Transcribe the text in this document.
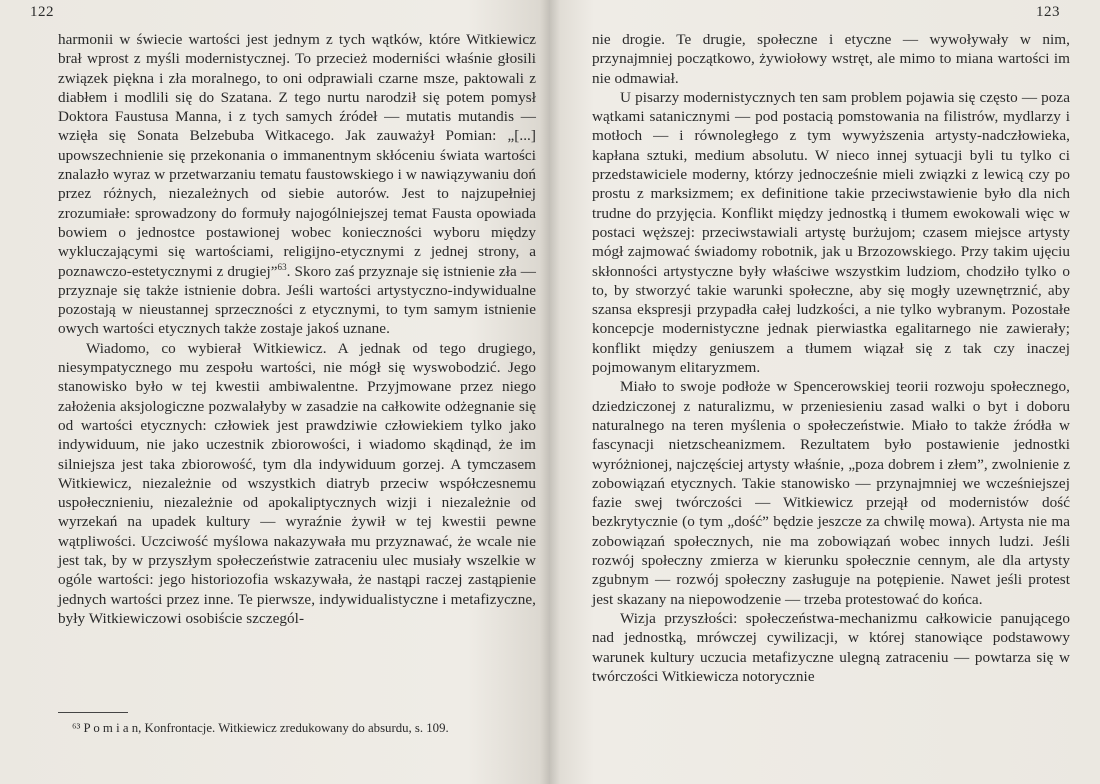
122

harmonii w świecie wartości jest jednym z tych wątków, które Witkiewicz brał wprost z myśli modernistycznej. To przecież moderniści właśnie głosili związek piękna i zła moralnego, to oni odprawiali czarne msze, paktowali z diabłem i modlili się do Szatana. Z tego nurtu narodził się potem pomysł Doktora Faustusa Manna, i z tych samych źródeł — mutatis mutandis — wzięła się Sonata Belzebuba Witkacego. Jak zauważył Pomian: „[...] upowszechnienie się przekonania o immanentnym skłóceniu świata wartości znalazło wyraz w przetwarzaniu tematu faustowskiego i w nawiązywaniu doń przez różnych, niezależnych od siebie autorów. Jest to najzupełniej zrozumiałe: sprowadzony do formuły najogólniejszej temat Fausta opowiada bowiem o jednostce postawionej wobec konieczności wyboru między wykluczającymi się wartościami, religijno-etycznymi z jednej strony, a poznawczo-estetycznymi z drugiej”$^{63}$. Skoro zaś przyznaje się istnienie zła — przyznaje się także istnienie dobra. Jeśli wartości artystyczno-indywidualne pozostają w nieustannej sprzeczności z etycznymi, to tym samym istnienie owych wartości etycznych także zostaje jakoś uznane.

Wiadomo, co wybierał Witkiewicz. A jednak od tego drugiego, niesympatycznego mu zespołu wartości, nie mógł się wyswobodzić. Jego stanowisko było w tej kwestii ambiwalentne. Przyjmowane przez niego założenia aksjologiczne pozwalałyby w zasadzie na całkowite odżegnanie się od wartości etycznych: człowiek jest prawdziwie człowiekiem tylko jako indywiduum, nie jako uczestnik zbiorowości, i wiadomo skądinąd, że im silniejsza jest taka zbiorowość, tym dla indywiduum gorzej. A tymczasem Witkiewicz, niezależnie od wszystkich diatryb przeciw współczesnemu uspołecznieniu, niezależnie od apokaliptycznych wizji i niezależnie od wyrzekań na upadek kultury — wyraźnie żywił w tej kwestii pewne wątpliwości. Uczciwość myślowa nakazywała mu przyznawać, że wcale nie jest tak, by w przyszłym społeczeństwie zatraceniu ulec musiały wszelkie w ogóle wartości: jego historiozofia wskazywała, że nastąpi raczej zastąpienie jednych wartości przez inne. Te pierwsze, indywidualistyczne i metafizyczne, były Witkiewiczowi osobiście szczegól-

⁶³ P o m i a n, Konfrontacje. Witkiewicz zredukowany do absurdu, s. 109.
123

nie drogie. Te drugie, społeczne i etyczne — wywoływały w nim, przynajmniej początkowo, żywiołowy wstręt, ale mimo to miana wartości im nie odmawiał.

U pisarzy modernistycznych ten sam problem pojawia się często — poza wątkami satanicznymi — pod postacią pomstowania na filistrów, mydlarzy i motłoch — i równoległego z tym wywyższenia artysty-nadczłowieka, kapłana sztuki, medium absolutu. W nieco innej sytuacji byli tu tylko ci przedstawiciele moderny, którzy jednocześnie mieli związki z lewicą czy po prostu z marksizmem; ex definitione takie przeciwstawienie było dla nich trudne do przyjęcia. Konflikt między jednostką i tłumem ewokowali więc w postaci węższej: przeciwstawiali artystę burżujom; czasem miejsce artysty mógł zajmować świadomy robotnik, jak u Brzozowskiego. Przy takim ujęciu skłonności artystyczne były właściwe wszystkim ludziom, chodziło tylko o to, by stworzyć takie warunki społeczne, aby się mogły uzewnętrznić, aby szansa ekspresji przypadła całej ludzkości, a nie tylko wybranym. Pozostałe koncepcje modernistyczne jednak pierwiastka egalitarnego nie zawierały; konflikt między geniuszem a tłumem wiązał się z tak czy inaczej pojmowanym elitaryzmem.

Miało to swoje podłoże w Spencerowskiej teorii rozwoju społecznego, dziedziczonej z naturalizmu, w przeniesieniu zasad walki o byt i doboru naturalnego na teren myślenia o społeczeństwie. Miało to także źródła w fascynacji nietzscheanizmem. Rezultatem było postawienie jednostki wyróżnionej, najczęściej artysty właśnie, „poza dobrem i złem”, zwolnienie z zobowiązań etycznych. Takie stanowisko — przynajmniej we wcześniejszej fazie swej twórczości — Witkiewicz przejął od modernistów dość bezkrytycznie (o tym „dość” będzie jeszcze za chwilę mowa). Artysta nie ma zobowiązań społecznych, nie ma zobowiązań wobec innych ludzi. Jeśli rozwój społeczny zmierza w kierunku społecznie cennym, ale dla artysty zgubnym — rozwój społeczny zasługuje na potępienie. Nawet jeśli protest jest skazany na niepowodzenie — trzeba protestować do końca.

Wizja przyszłości: społeczeństwa-mechanizmu całkowicie panującego nad jednostką, mrówczej cywilizacji, w której stanowiące podstawowy warunek kultury uczucia metafizyczne ulegną zatraceniu — powtarza się w twórczości Witkiewicza notorycznie
